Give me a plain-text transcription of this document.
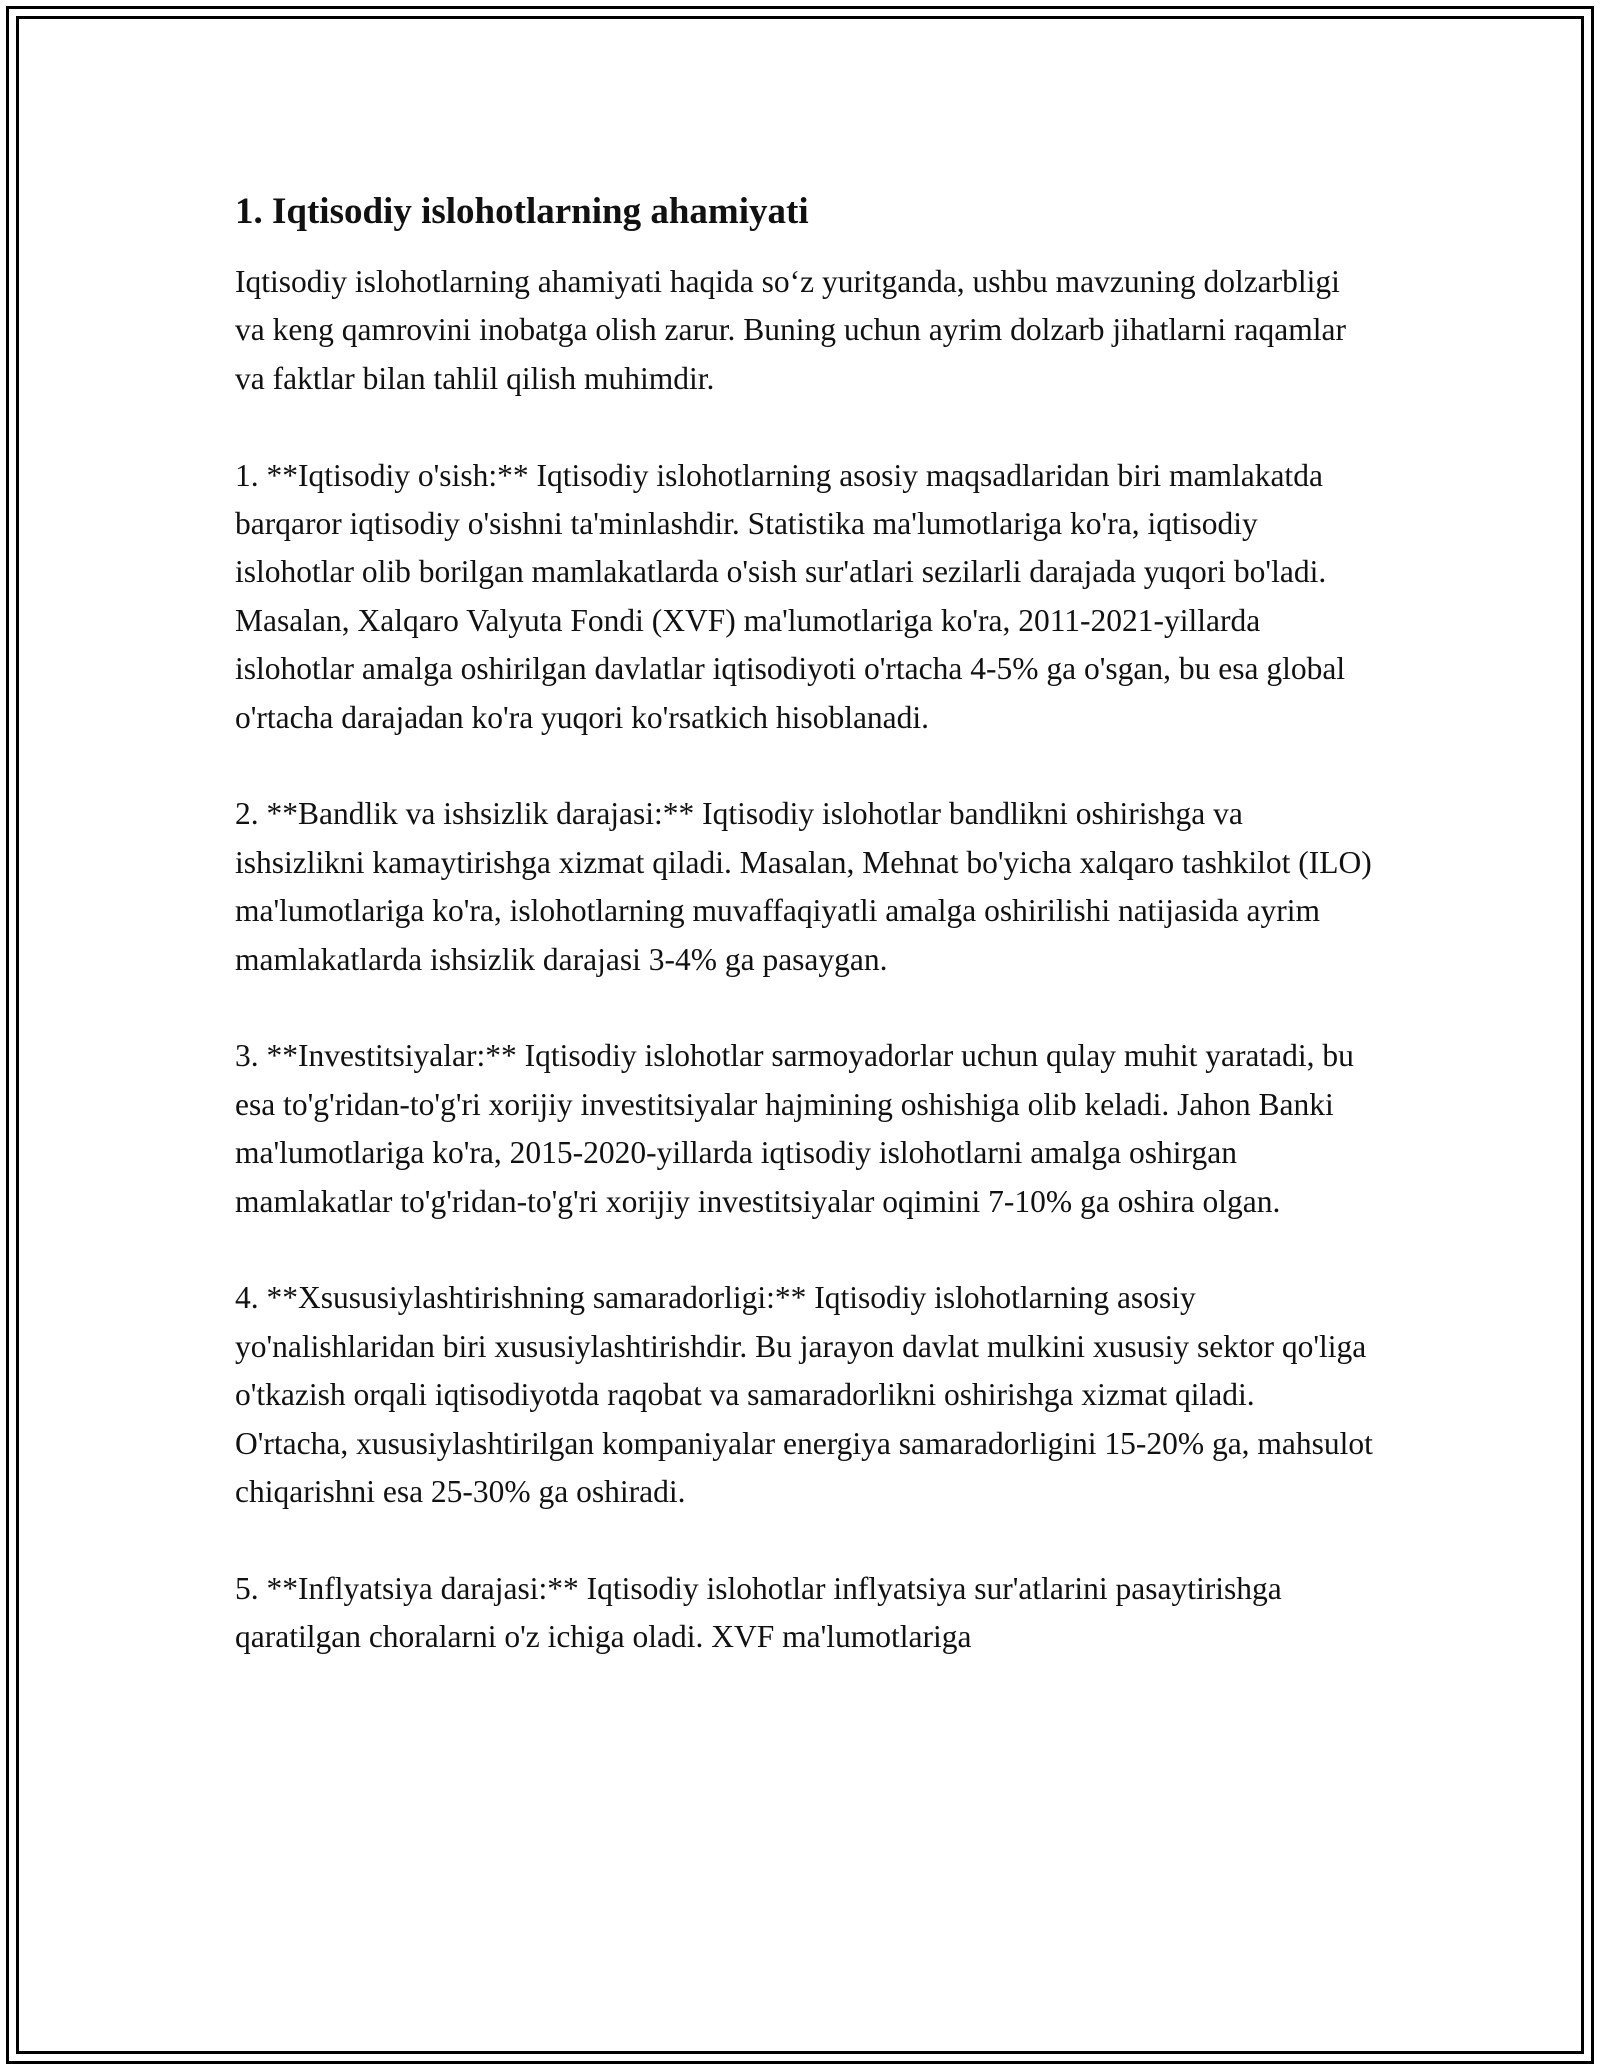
1. Iqtisodiy islohotlarning ahamiyati

Iqtisodiy islohotlarning ahamiyati haqida so‘z yuritganda, ushbu mavzuning dolzarbligi va keng qamrovini inobatga olish zarur. Buning uchun ayrim dolzarb jihatlarni raqamlar va faktlar bilan tahlil qilish muhimdir.

1. **Iqtisodiy o'sish:** Iqtisodiy islohotlarning asosiy maqsadlaridan biri mamlakatda barqaror iqtisodiy o'sishni ta'minlashdir. Statistika ma'lumotlariga ko'ra, iqtisodiy islohotlar olib borilgan mamlakatlarda o'sish sur'atlari sezilarli darajada yuqori bo'ladi. Masalan, Xalqaro Valyuta Fondi (XVF) ma'lumotlariga ko'ra, 2011-2021-yillarda islohotlar amalga oshirilgan davlatlar iqtisodiyoti o'rtacha 4-5% ga o'sgan, bu esa global o'rtacha darajadan ko'ra yuqori ko'rsatkich hisoblanadi.

2. **Bandlik va ishsizlik darajasi:** Iqtisodiy islohotlar bandlikni oshirishga va ishsizlikni kamaytirishga xizmat qiladi. Masalan, Mehnat bo'yicha xalqaro tashkilot (ILO) ma'lumotlariga ko'ra, islohotlarning muvaffaqiyatli amalga oshirilishi natijasida ayrim mamlakatlarda ishsizlik darajasi 3-4% ga pasaygan.

3. **Investitsiyalar:** Iqtisodiy islohotlar sarmoyadorlar uchun qulay muhit yaratadi, bu esa to'g'ridan-to'g'ri xorijiy investitsiyalar hajmining oshishiga olib keladi. Jahon Banki ma'lumotlariga ko'ra, 2015-2020-yillarda iqtisodiy islohotlarni amalga oshirgan mamlakatlar to'g'ridan-to'g'ri xorijiy investitsiyalar oqimini 7-10% ga oshira olgan.

4. **Xsususiylashtirishning samaradorligi:** Iqtisodiy islohotlarning asosiy yo'nalishlaridan biri xususiylashtirishdir. Bu jarayon davlat mulkini xususiy sektor qo'liga o'tkazish orqali iqtisodiyotda raqobat va samaradorlikni oshirishga xizmat qiladi. O'rtacha, xususiylashtirilgan kompaniyalar energiya samaradorligini 15-20% ga, mahsulot chiqarishni esa 25-30% ga oshiradi.

5. **Inflyatsiya darajasi:** Iqtisodiy islohotlar inflyatsiya sur'atlarini pasaytirishga qaratilgan choralarni o'z ichiga oladi. XVF ma'lumotlariga
